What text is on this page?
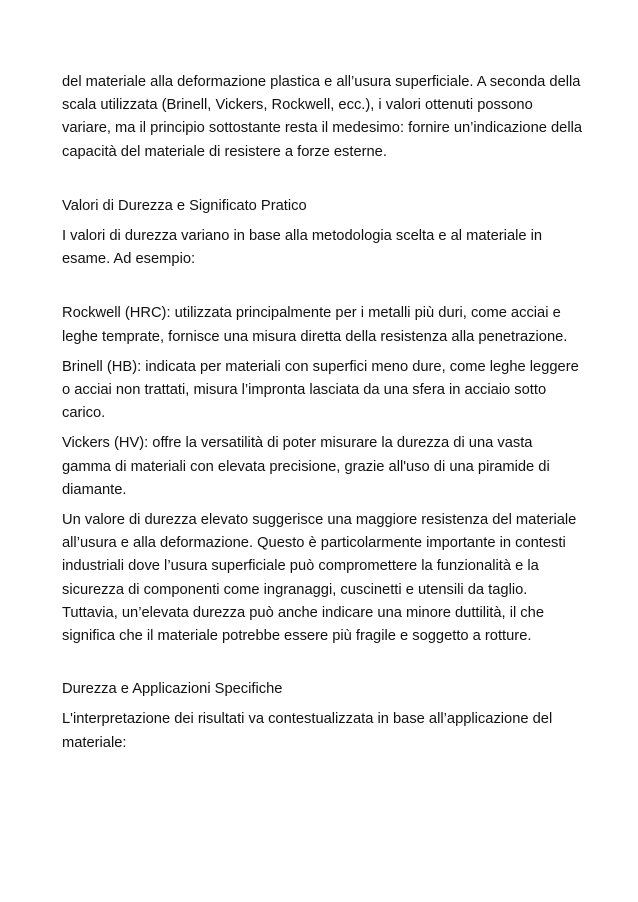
del materiale alla deformazione plastica e all’usura superficiale. A seconda della scala utilizzata (Brinell, Vickers, Rockwell, ecc.), i valori ottenuti possono variare, ma il principio sottostante resta il medesimo: fornire un’indicazione della capacità del materiale di resistere a forze esterne.

Valori di Durezza e Significato Pratico

I valori di durezza variano in base alla metodologia scelta e al materiale in esame. Ad esempio:

Rockwell (HRC): utilizzata principalmente per i metalli più duri, come acciai e leghe temprate, fornisce una misura diretta della resistenza alla penetrazione.

Brinell (HB): indicata per materiali con superfici meno dure, come leghe leggere o acciai non trattati, misura l’impronta lasciata da una sfera in acciaio sotto carico.

Vickers (HV): offre la versatilità di poter misurare la durezza di una vasta gamma di materiali con elevata precisione, grazie all'uso di una piramide di diamante.

Un valore di durezza elevato suggerisce una maggiore resistenza del materiale all’usura e alla deformazione. Questo è particolarmente importante in contesti industriali dove l’usura superficiale può compromettere la funzionalità e la sicurezza di componenti come ingranaggi, cuscinetti e utensili da taglio. Tuttavia, un’elevata durezza può anche indicare una minore duttilità, il che significa che il materiale potrebbe essere più fragile e soggetto a rotture.

Durezza e Applicazioni Specifiche

L'interpretazione dei risultati va contestualizzata in base all’applicazione del materiale:
